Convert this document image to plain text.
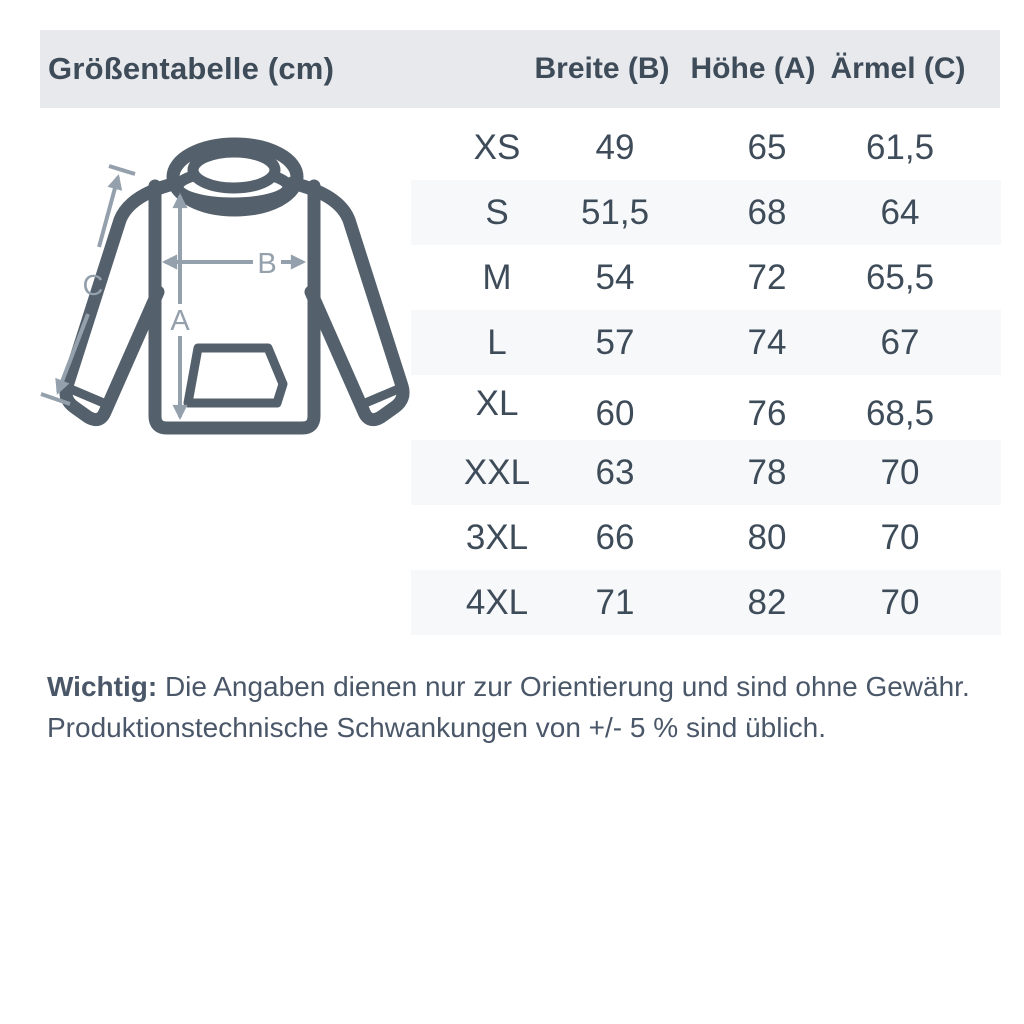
Größentabelle (cm)	Breite (B) Höhe (A) Ärmel (C)
A
B
C
XS 49	65 61,5
S 51,5	68	64
M 54	72 65,5
L	57	74	67
XL 60	76 68,5
XXL 63	78	70
3XL 66	80	70
4XL 71	82	70
Wichtig: Die Angaben dienen nur zur Orientierung und sind ohne Gewähr.
Produktionstechnische Schwankungen von +/- 5 % sind üblich.
